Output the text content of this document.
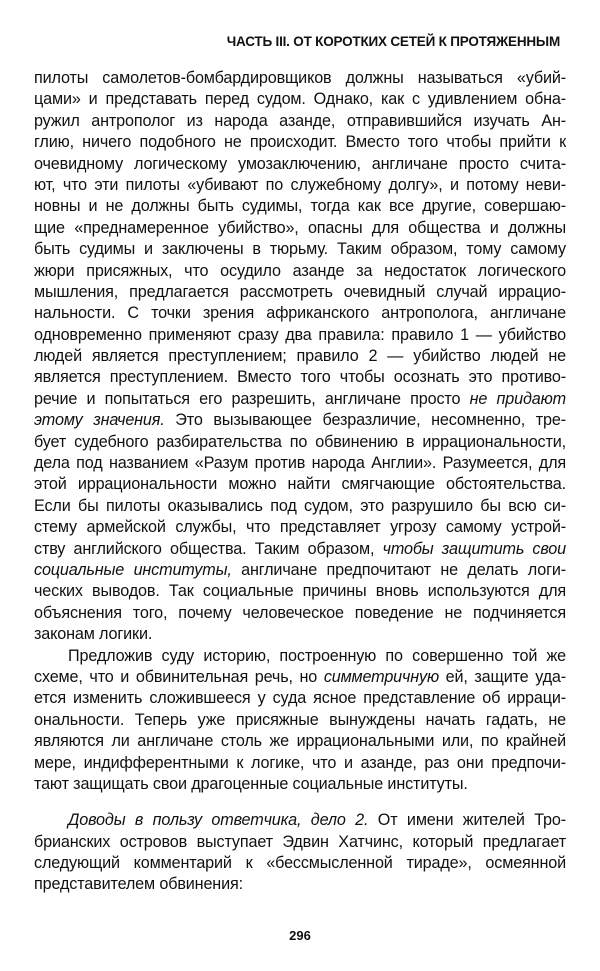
ЧАСТЬ III. ОТ КОРОТКИХ СЕТЕЙ К ПРОТЯЖЕННЫМ
пилоты самолетов-бомбардировщиков должны называться «убий-
цами» и представать перед судом. Однако, как с удивлением обна-
ружил антрополог из народа азанде, отправившийся изучать Ан-
глию, ничего подобного не происходит. Вместо того чтобы прийти к
очевидному логическому умозаключению, англичане просто счита-
ют, что эти пилоты «убивают по служебному долгу», и потому неви-
новны и не должны быть судимы, тогда как все другие, совершаю-
щие «преднамеренное убийство», опасны для общества и должны
быть судимы и заключены в тюрьму. Таким образом, тому самому
жюри присяжных, что осудило азанде за недостаток логического
мышления, предлагается рассмотреть очевидный случай иррацио-
нальности. С точки зрения африканского антрополога, англичане
одновременно применяют сразу два правила: правило 1 — убийство
людей является преступлением; правило 2 — убийство людей не
является преступлением. Вместо того чтобы осознать это противо-
речие и попытаться его разрешить, англичане просто не придают
этому значения. Это вызывающее безразличие, несомненно, тре-
бует судебного разбирательства по обвинению в иррациональности,
дела под названием «Разум против народа Англии». Разумеется, для
этой иррациональности можно найти смягчающие обстоятельства.
Если бы пилоты оказывались под судом, это разрушило бы всю си-
стему армейской службы, что представляет угрозу самому устрой-
ству английского общества. Таким образом, чтобы защитить свои
социальные институты, англичане предпочитают не делать логи-
ческих выводов. Так социальные причины вновь используются для
объяснения того, почему человеческое поведение не подчиняется
законам логики.
Предложив суду историю, построенную по совершенно той же
схеме, что и обвинительная речь, но симметричную ей, защите уда-
ется изменить сложившееся у суда ясное представление об ирраци-
ональности. Теперь уже присяжные вынуждены начать гадать, не
являются ли англичане столь же иррациональными или, по крайней
мере, индифферентными к логике, что и азанде, раз они предпочи-
тают защищать свои драгоценные социальные институты.
Доводы в пользу ответчика, дело 2. От имени жителей Тро-
брианских островов выступает Эдвин Хатчинс, который предлагает
следующий комментарий к «бессмысленной тираде», осмеянной
представителем обвинения:
296
